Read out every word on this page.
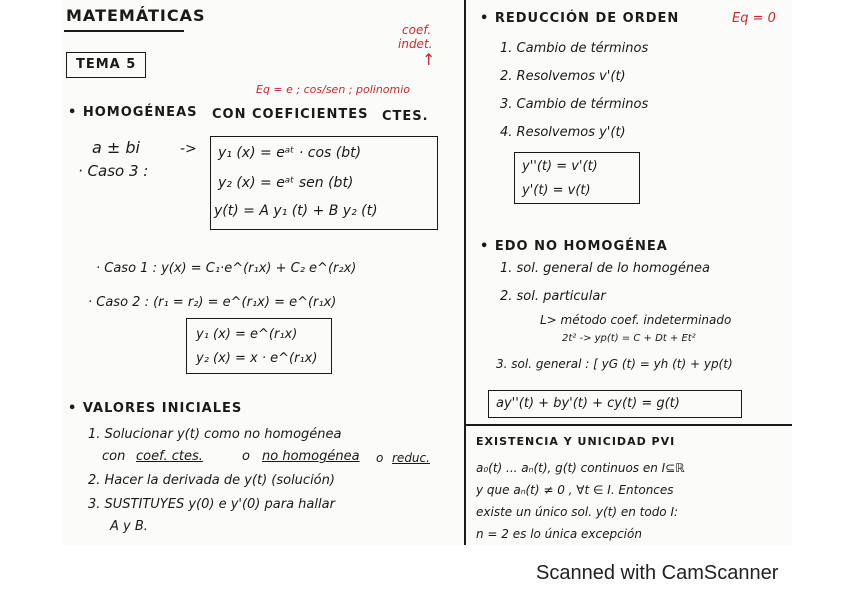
MATEMÁTICAS
TEMA 5
coef.
indet.
↑
Eq = e ; cos/sen ; polinomio
• HOMOGÉNEAS CON COEFICIENTES CTES.
a ± bi	->
· Caso 3 :
y₁ (x) = eᵃᵗ · cos (bt)
y₂ (x) = eᵃᵗ sen (bt)
y(t) = A y₁ (t) + B y₂ (t)
· Caso 1 : y(x) = C₁·e^(r₁x) + C₂ e^(r₂x)
· Caso 2 : (r₁ = r₂) = e^(r₁x) = e^(r₁x)
y₁ (x) = e^(r₁x)
y₂ (x) = x · e^(r₁x)
• VALORES INICIALES
1. Solucionar y(t) como no homogénea
con coef. ctes.	o no homogénea o reduc.
2. Hacer la derivada de y(t) (solución)
3. SUSTITUYES y(0) e y'(0) para hallar
A y B.
• REDUCCIÓN DE ORDEN	Eq = 0
1. Cambio de términos
2. Resolvemos v'(t)
3. Cambio de términos
4. Resolvemos y'(t)
y''(t) = v'(t)
y'(t) = v(t)
• EDO NO HOMOGÉNEA
1. sol. general de lo homogénea
2. sol. particular
L> método coef. indeterminado
2t² -> yp(t) = C + Dt + Et²
3. sol. general : [ yG (t) = yh (t) + yp(t)
ay''(t) + by'(t) + cy(t) = g(t)
EXISTENCIA Y UNICIDAD PVI
a₀(t) ... aₙ(t), g(t) continuos en I⊆ℝ
y que aₙ(t) ≠ 0 , ∀t ∈ I. Entonces
existe un único sol. y(t) en todo I:
n = 2 es lo única excepción
Scanned with CamScanner
